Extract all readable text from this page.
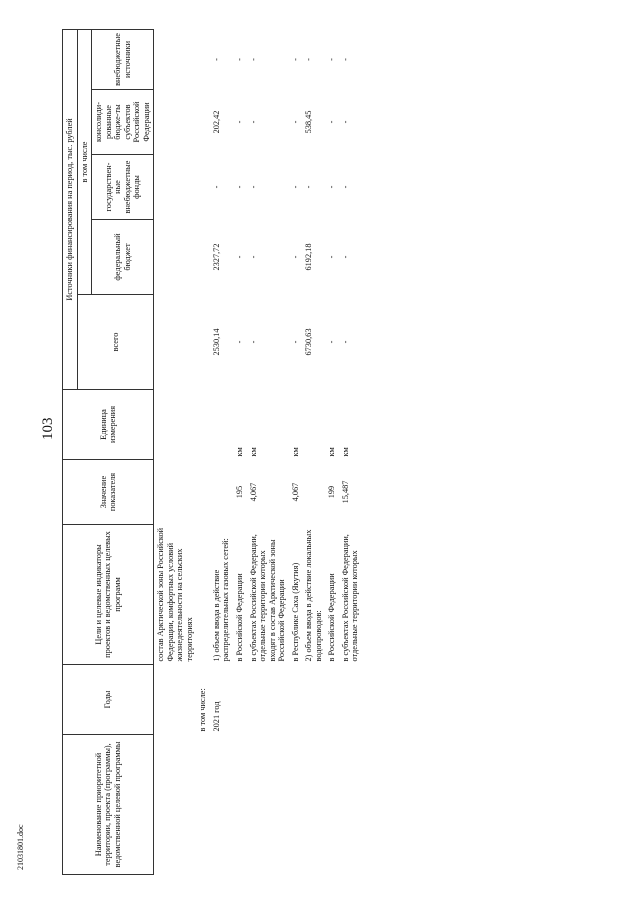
103
21031801.doc	Наименование приоритетной территории, проекта (программы), ведомственной целевой программы	Годы	Цели и целевые индикаторы проектов и ведомственных целевых программ	Значение показателя	Единица измерения	Источники финансирования на период, тыс. рублей				
					всего	в том числе			
						федеральный бюджет	государствен-ные внебюджетные фонды	консолиди-рованные бюдже-ты субъектов Российской Федерации	внебюджетные источники
		состав Арктической зоны Российской Федерации, комфортных условий жизнедеятельности на сельских территориях							
	в том числе:								
	2021 год	1) объем ввода в действие распределительных газовых сетей:			2530,14	2327,72	-	202,42	-
		в Российской Федерации	195	км	-	-	-	-	-
		в субъектах Российской Федерации, отдельные территории которых входят в состав Арктической зоны Российской Федерации	4,067	км	-	-	-	-	-
		в Республике Саха (Якутия)	4,067	км	-	-	-	-	-
		2) объем ввода в действие локальных водопроводов:			6730,63	6192,18	-	538,45	-
		в Российской Федерации	199	км	-	-	-	-	-
		в субъектах Российской Федерации, отдельные территории которых	15,487	км	-	-	-	-	-
